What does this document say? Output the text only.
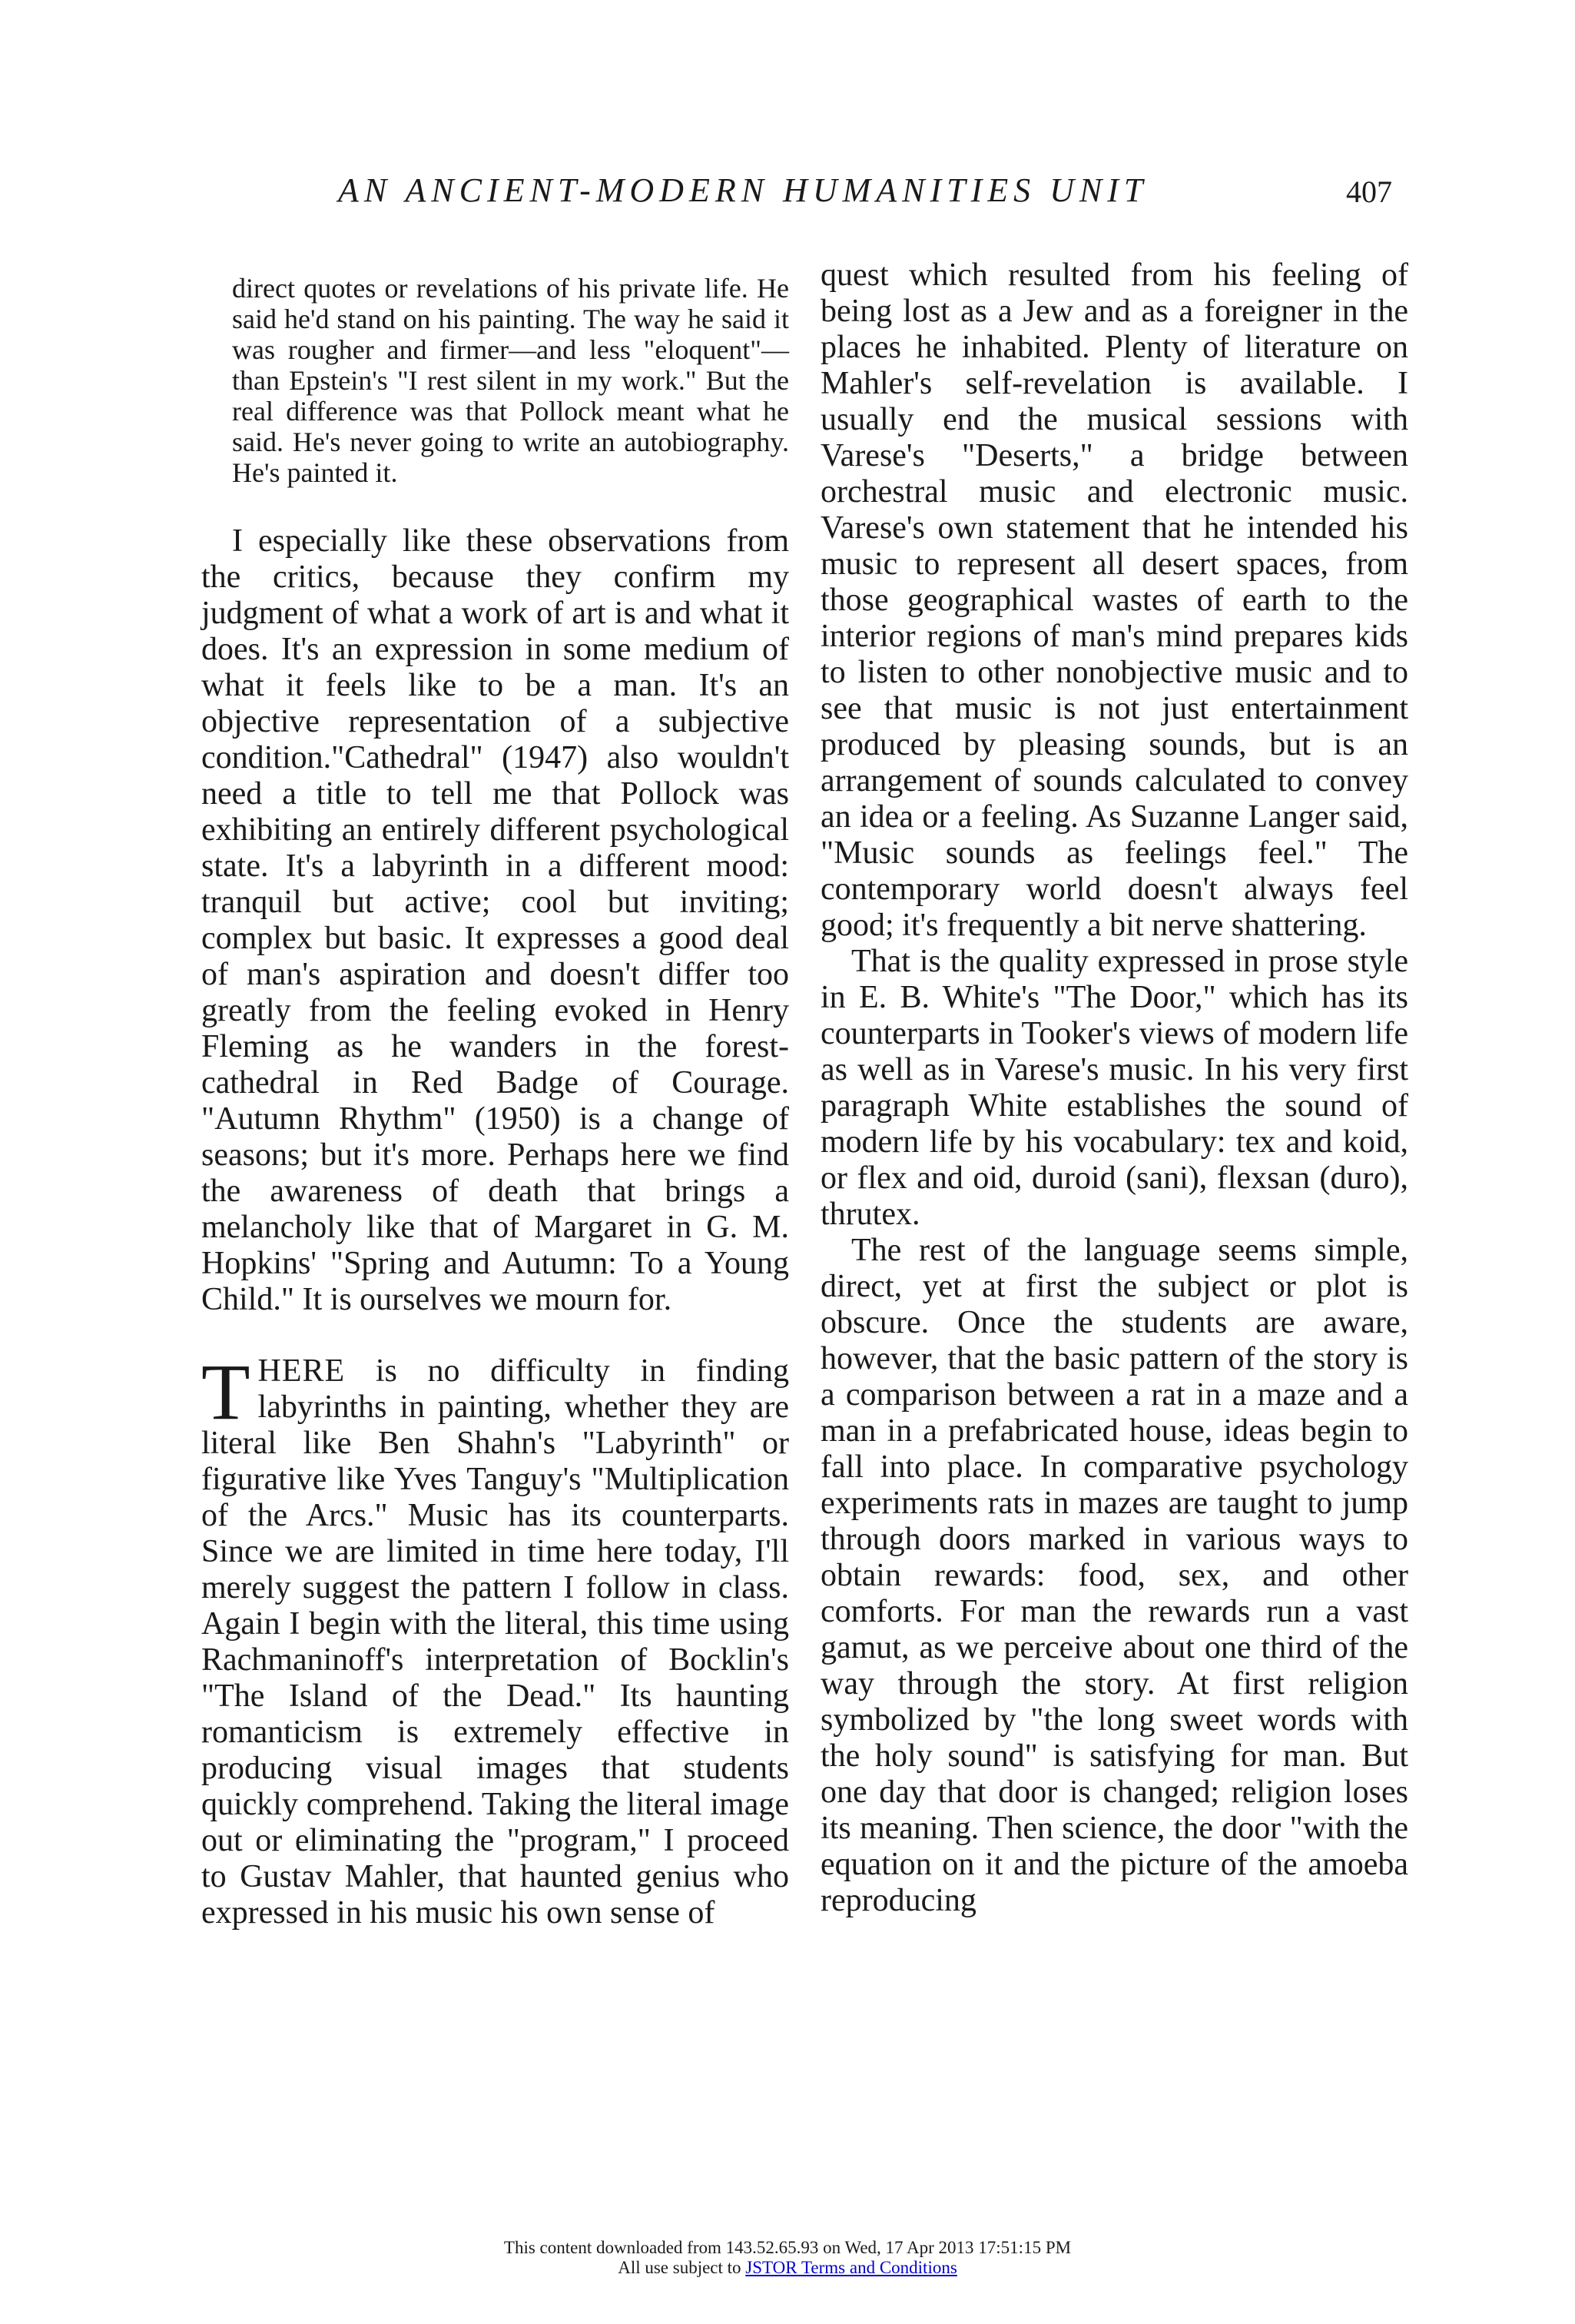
AN ANCIENT-MODERN HUMANITIES UNIT	407

direct quotes or revelations of his private life. He said he'd stand on his painting. The way he said it was rougher and firmer—and less "eloquent"—than Epstein's "I rest silent in my work." But the real difference was that Pollock meant what he said. He's never going to write an autobiography. He's painted it.

I especially like these observations from the critics, because they confirm my judgment of what a work of art is and what it does. It's an expression in some medium of what it feels like to be a man. It's an objective representation of a subjective condition."Cathedral" (1947) also wouldn't need a title to tell me that Pollock was exhibiting an entirely different psychological state. It's a labyrinth in a different mood: tranquil but active; cool but inviting; complex but basic. It expresses a good deal of man's aspiration and doesn't differ too greatly from the feeling evoked in Henry Fleming as he wanders in the forest-cathedral in Red Badge of Courage. "Autumn Rhythm" (1950) is a change of seasons; but it's more. Perhaps here we find the awareness of death that brings a melancholy like that of Margaret in G. M. Hopkins' "Spring and Autumn: To a Young Child." It is ourselves we mourn for.

THERE is no difficulty in finding labyrinths in painting, whether they are literal like Ben Shahn's "Labyrinth" or figurative like Yves Tanguy's "Multiplication of the Arcs." Music has its counterparts. Since we are limited in time here today, I'll merely suggest the pattern I follow in class. Again I begin with the literal, this time using Rachmaninoff's interpretation of Bocklin's "The Island of the Dead." Its haunting romanticism is extremely effective in producing visual images that students quickly comprehend. Taking the literal image out or eliminating the "program," I proceed to Gustav Mahler, that haunted genius who expressed in his music his own sense of

quest which resulted from his feeling of being lost as a Jew and as a foreigner in the places he inhabited. Plenty of literature on Mahler's self-revelation is available. I usually end the musical sessions with Varese's "Deserts," a bridge between orchestral music and electronic music. Varese's own statement that he intended his music to represent all desert spaces, from those geographical wastes of earth to the interior regions of man's mind prepares kids to listen to other nonobjective music and to see that music is not just entertainment produced by pleasing sounds, but is an arrangement of sounds calculated to convey an idea or a feeling. As Suzanne Langer said, "Music sounds as feelings feel." The contemporary world doesn't always feel good; it's frequently a bit nerve shattering.

That is the quality expressed in prose style in E. B. White's "The Door," which has its counterparts in Tooker's views of modern life as well as in Varese's music. In his very first paragraph White establishes the sound of modern life by his vocabulary: tex and koid, or flex and oid, duroid (sani), flexsan (duro), thrutex.

The rest of the language seems simple, direct, yet at first the subject or plot is obscure. Once the students are aware, however, that the basic pattern of the story is a comparison between a rat in a maze and a man in a prefabricated house, ideas begin to fall into place. In comparative psychology experiments rats in mazes are taught to jump through doors marked in various ways to obtain rewards: food, sex, and other comforts. For man the rewards run a vast gamut, as we perceive about one third of the way through the story. At first religion symbolized by "the long sweet words with the holy sound" is satisfying for man. But one day that door is changed; religion loses its meaning. Then science, the door "with the equation on it and the picture of the amoeba reproducing

This content downloaded from 143.52.65.93 on Wed, 17 Apr 2013 17:51:15 PM
All use subject to JSTOR Terms and Conditions
